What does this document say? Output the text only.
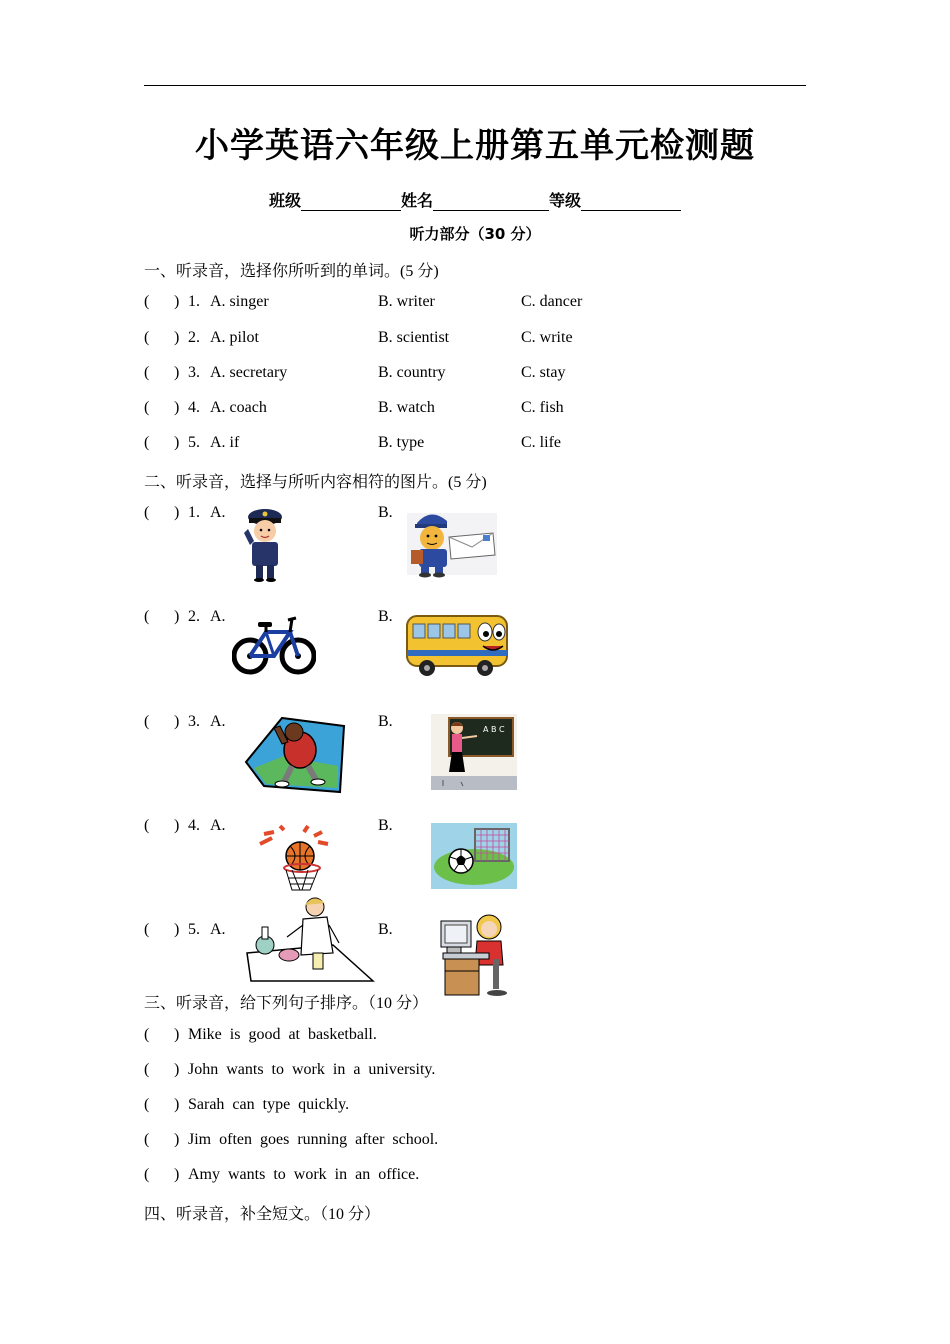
小学英语六年级上册第五单元检测题
班级	姓名	等级
听力部分（30 分）
一、听录音，选择你所听到的单词。(5 分)
( ) 1. A. singer	B. writer	C. dancer
( ) 2. A. pilot	B. scientist	C. write
( ) 3. A. secretary	B. country	C. stay
( ) 4. A. coach	B. watch	C. fish
( ) 5. A. if	B. type	C. life
二、听录音，选择与所听内容相符的图片。(5 分)
( ) 1. A.	B.
( ) 2. A.	B.
( ) 3. A.	B.	A B C
( ) 4. A.	B.
( ) 5. A.	B.
三、听录音，给下列句子排序。（10 分）
( ) Mike is good at basketball.
( ) John wants to work in a university.
( ) Sarah can type quickly.
( ) Jim often goes running after school.
( ) Amy wants to work in an office.
四、听录音，补全短文。（10 分）
